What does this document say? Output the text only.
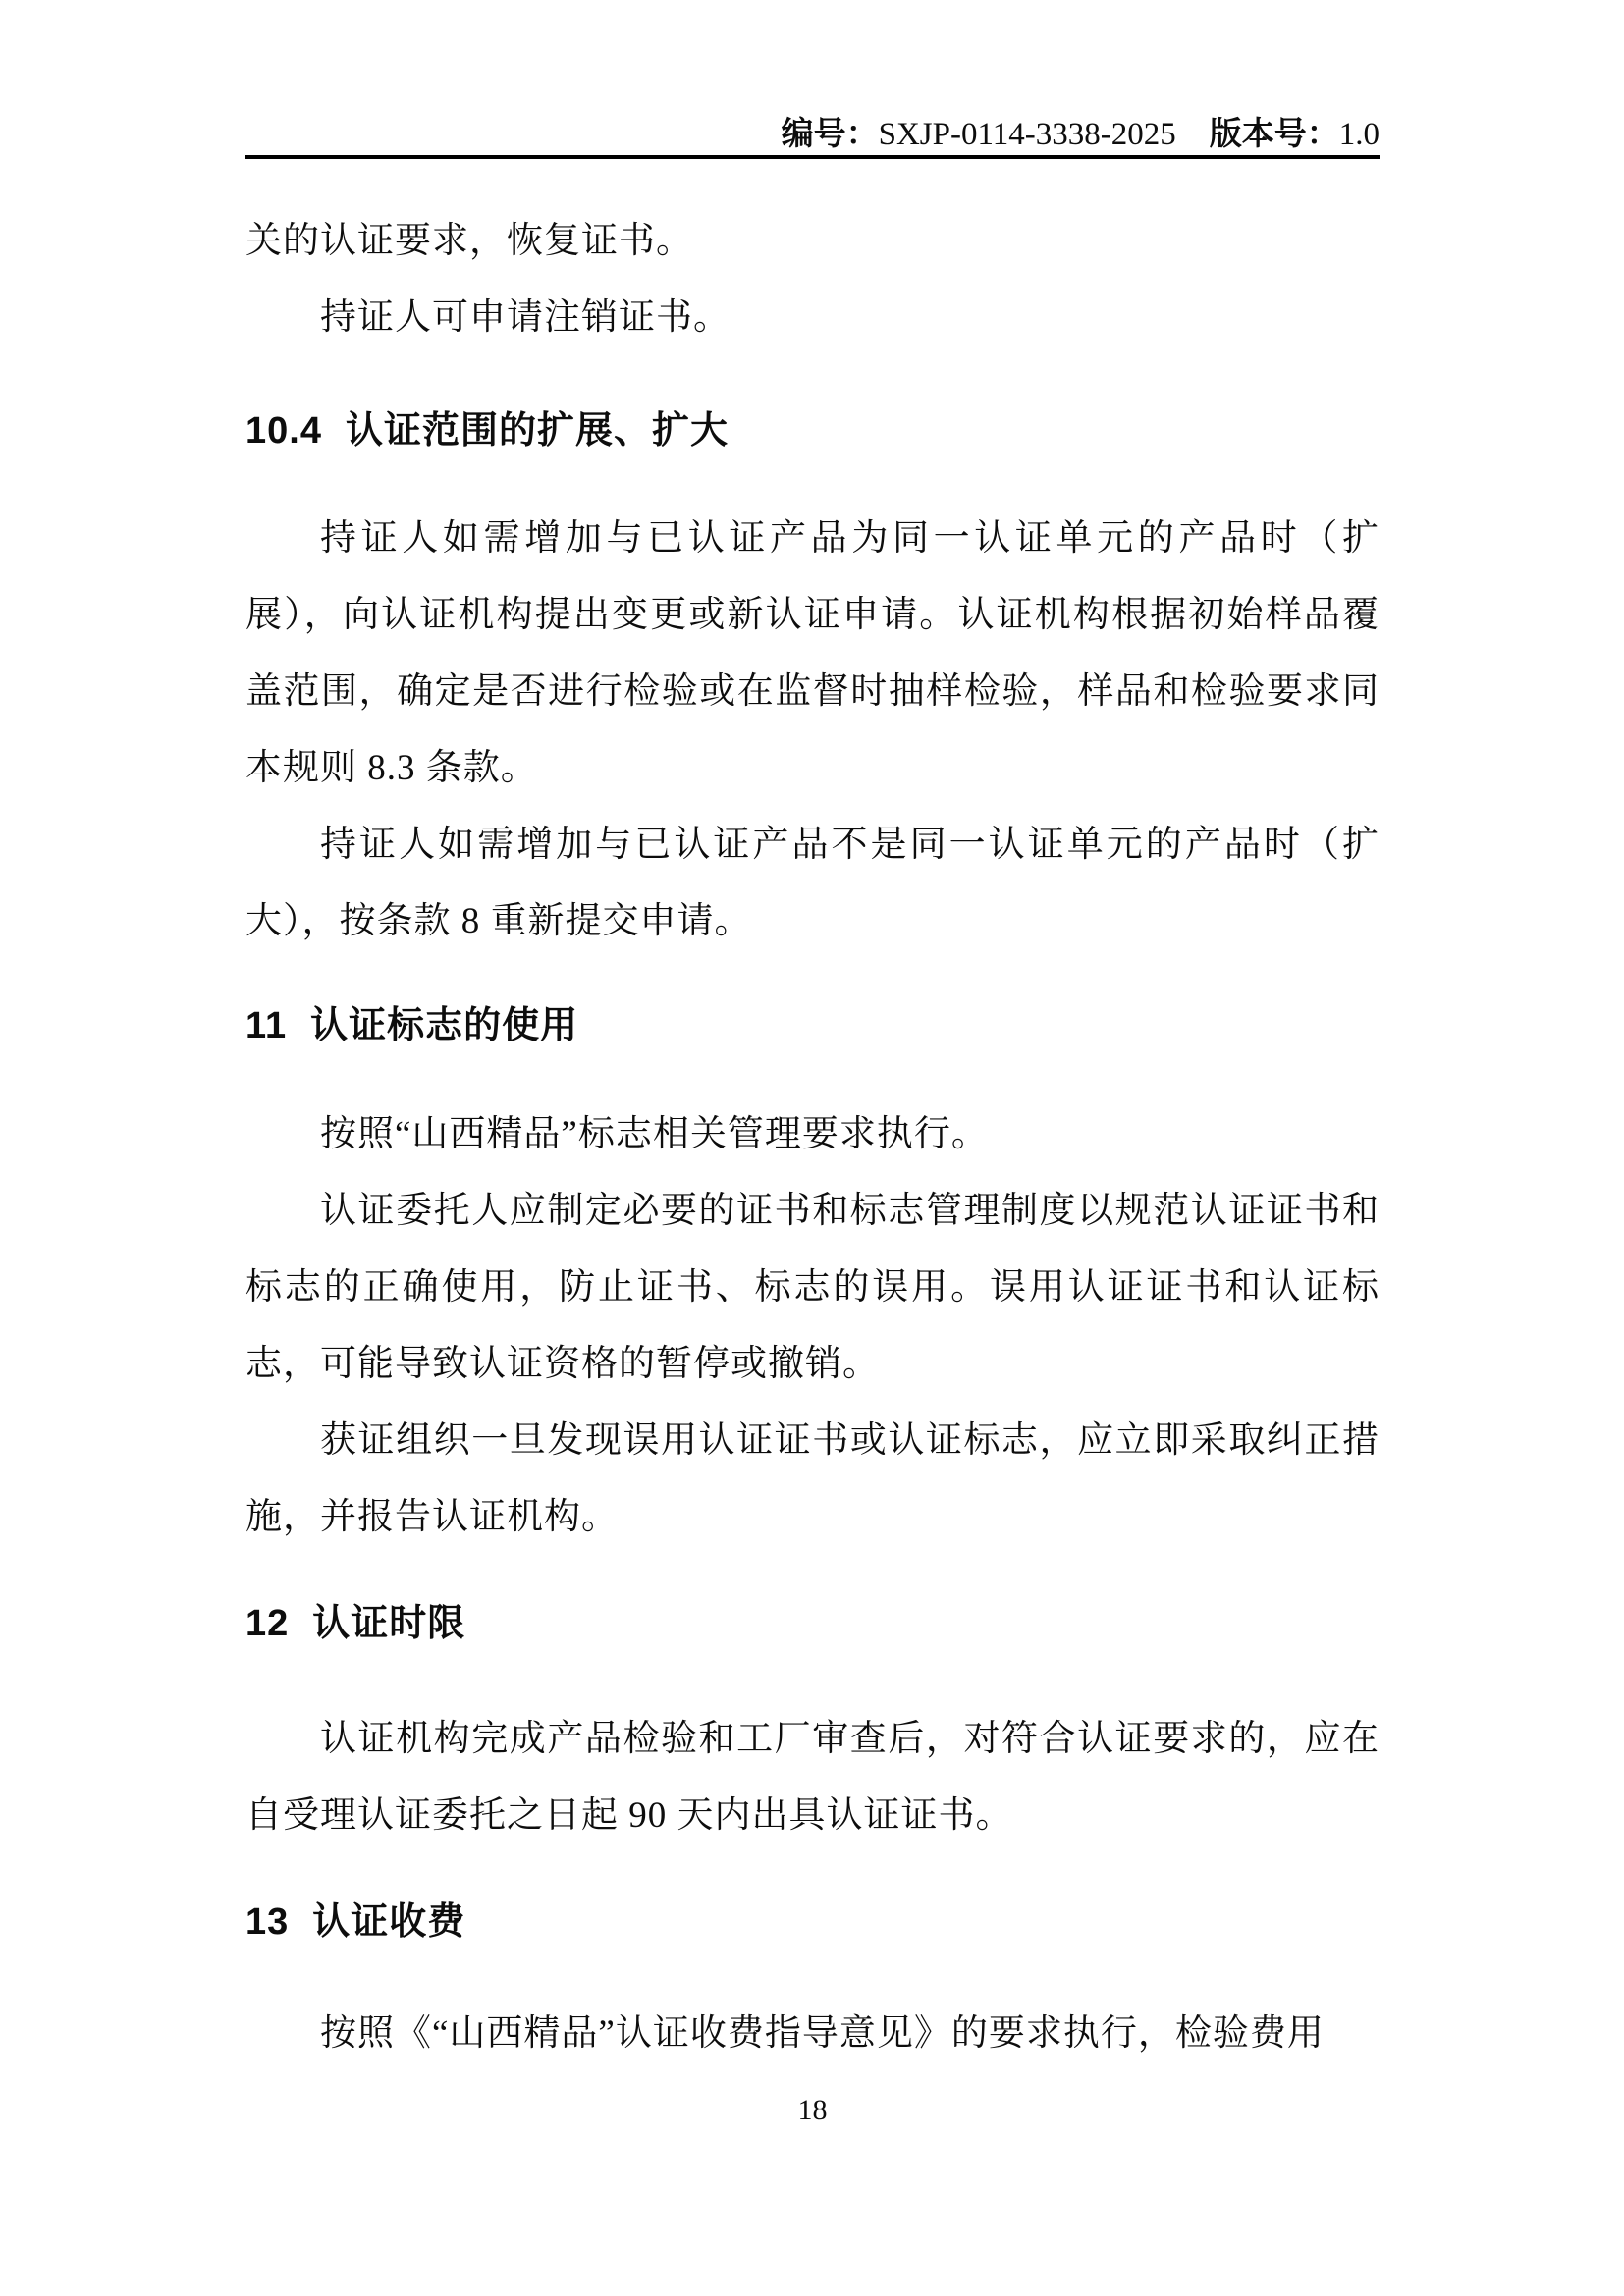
编号：SXJP-0114-3338-2025 版本号：1.0

关的认证要求，恢复证书。

持证人可申请注销证书。

10.4 认证范围的扩展、扩大

持证人如需增加与已认证产品为同一认证单元的产品时（扩展），向认证机构提出变更或新认证申请。认证机构根据初始样品覆盖范围，确定是否进行检验或在监督时抽样检验，样品和检验要求同本规则 8.3 条款。

持证人如需增加与已认证产品不是同一认证单元的产品时（扩大），按条款 8 重新提交申请。

11 认证标志的使用

按照“山西精品”标志相关管理要求执行。

认证委托人应制定必要的证书和标志管理制度以规范认证证书和标志的正确使用，防止证书、标志的误用。误用认证证书和认证标志，可能导致认证资格的暂停或撤销。

获证组织一旦发现误用认证证书或认证标志，应立即采取纠正措施，并报告认证机构。

12 认证时限

认证机构完成产品检验和工厂审查后，对符合认证要求的，应在自受理认证委托之日起 90 天内出具认证证书。

13 认证收费

按照《“山西精品”认证收费指导意见》的要求执行，检验费用

18
